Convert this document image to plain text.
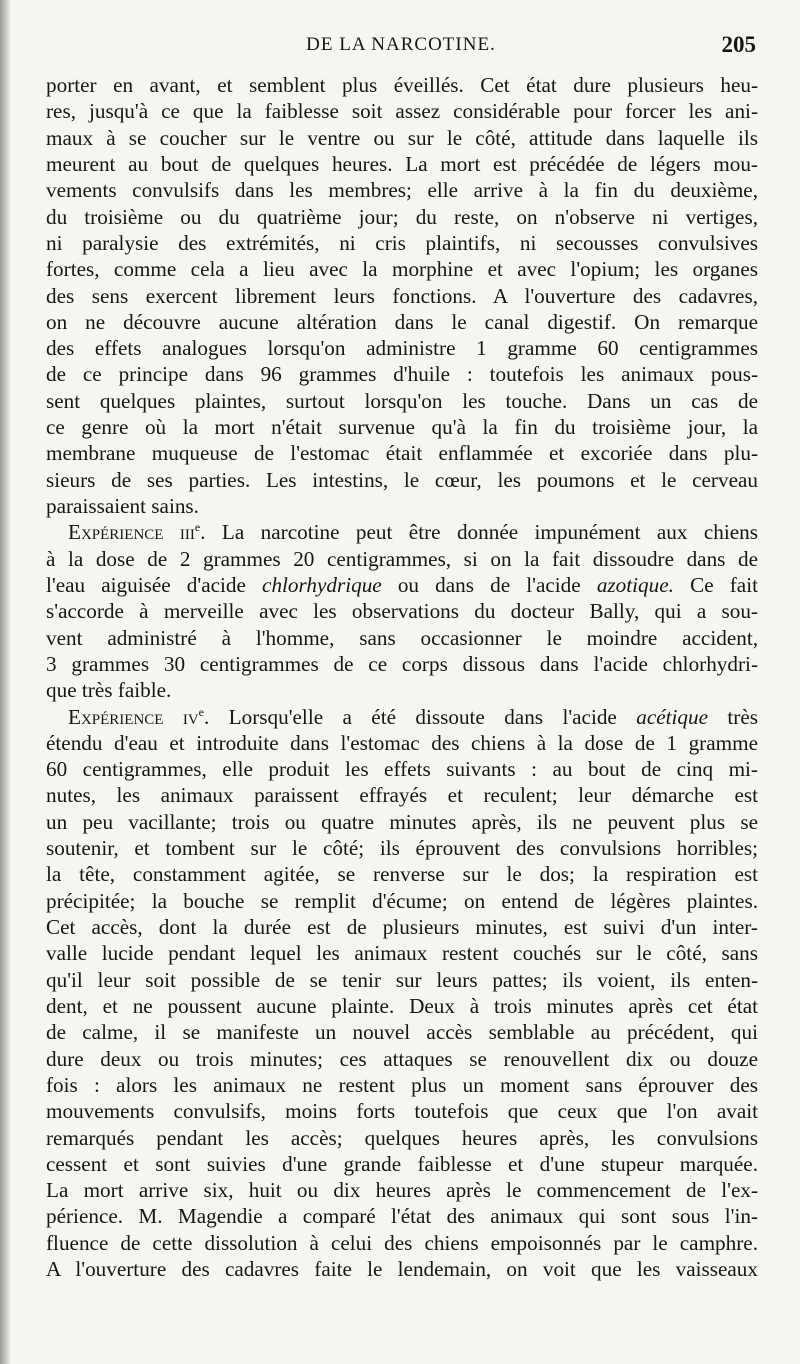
DE LA NARCOTINE.	205
porter en avant, et semblent plus éveillés. Cet état dure plusieurs heu-
res, jusqu'à ce que la faiblesse soit assez considérable pour forcer les ani-
maux à se coucher sur le ventre ou sur le côté, attitude dans laquelle ils
meurent au bout de quelques heures. La mort est précédée de légers mou-
vements convulsifs dans les membres; elle arrive à la fin du deuxième,
du troisième ou du quatrième jour; du reste, on n'observe ni vertiges,
ni paralysie des extrémités, ni cris plaintifs, ni secousses convulsives
fortes, comme cela a lieu avec la morphine et avec l'opium; les organes
des sens exercent librement leurs fonctions. A l'ouverture des cadavres,
on ne découvre aucune altération dans le canal digestif. On remarque
des effets analogues lorsqu'on administre 1 gramme 60 centigrammes
de ce principe dans 96 grammes d'huile : toutefois les animaux pous-
sent quelques plaintes, surtout lorsqu'on les touche. Dans un cas de
ce genre où la mort n'était survenue qu'à la fin du troisième jour, la
membrane muqueuse de l'estomac était enflammée et excoriée dans plu-
sieurs de ses parties. Les intestins, le cœur, les poumons et le cerveau
paraissaient sains.
Expérience iii$^e$. La narcotine peut être donnée impunément aux chiens
à la dose de 2 grammes 20 centigrammes, si on la fait dissoudre dans de
l'eau aiguisée d'acide chlorhydrique ou dans de l'acide azotique. Ce fait
s'accorde à merveille avec les observations du docteur Bally, qui a sou-
vent administré à l'homme, sans occasionner le moindre accident,
3 grammes 30 centigrammes de ce corps dissous dans l'acide chlorhydri-
que très faible.
Expérience $iv^e$. Lorsqu'elle a été dissoute dans l'acide acétique très
étendu d'eau et introduite dans l'estomac des chiens à la dose de 1 gramme
60 centigrammes, elle produit les effets suivants : au bout de cinq mi-
nutes, les animaux paraissent effrayés et reculent; leur démarche est
un peu vacillante; trois ou quatre minutes après, ils ne peuvent plus se
soutenir, et tombent sur le côté; ils éprouvent des convulsions horribles;
la tête, constamment agitée, se renverse sur le dos; la respiration est
précipitée; la bouche se remplit d'écume; on entend de légères plaintes.
Cet accès, dont la durée est de plusieurs minutes, est suivi d'un inter-
valle lucide pendant lequel les animaux restent couchés sur le côté, sans
qu'il leur soit possible de se tenir sur leurs pattes; ils voient, ils enten-
dent, et ne poussent aucune plainte. Deux à trois minutes après cet état
de calme, il se manifeste un nouvel accès semblable au précédent, qui
dure deux ou trois minutes; ces attaques se renouvellent dix ou douze
fois : alors les animaux ne restent plus un moment sans éprouver des
mouvements convulsifs, moins forts toutefois que ceux que l'on avait
remarqués pendant les accès; quelques heures après, les convulsions
cessent et sont suivies d'une grande faiblesse et d'une stupeur marquée.
La mort arrive six, huit ou dix heures après le commencement de l'ex-
périence. M. Magendie a comparé l'état des animaux qui sont sous l'in-
fluence de cette dissolution à celui des chiens empoisonnés par le camphre.
A l'ouverture des cadavres faite le lendemain, on voit que les vaisseaux
